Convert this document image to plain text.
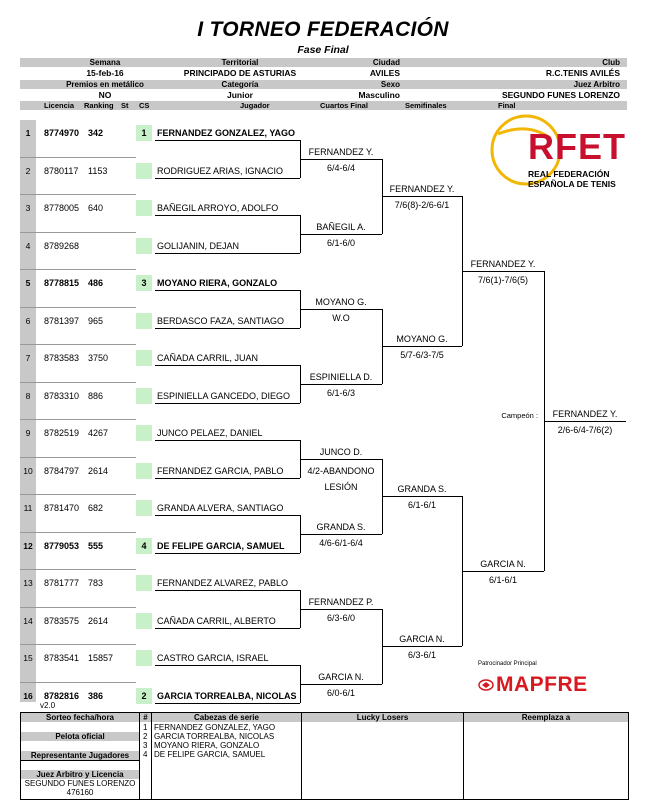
I TORNEO FEDERACIÓN
Fase Final
Semana	Territorial	Ciudad	Club
15-feb-16	PRINCIPADO DE ASTURIAS	AVILES	R.C.TENIS AVILÉS
Premios en metálico	Categoría	Sexo	Juez Arbitro
NO	Junior	Masculino	SEGUNDO FUNES LORENZO
Licencia Ranking St CS	Jugador	Cuartos Final	Semifinales	Final
1	8774970 342	1	FERNANDEZ GONZALEZ, YAGO
2	8780117 1153	RODRIGUEZ ARIAS, IGNACIO
3	8778005 640	BAÑEGIL ARROYO, ADOLFO
4	8789268	GOLIJANIN, DEJAN
5	8778815 486	3	MOYANO RIERA, GONZALO
6	8781397 965	BERDASCO FAZA, SANTIAGO
7	8783583 3750	CAÑADA CARRIL, JUAN
8	8783310 886	ESPINIELLA GANCEDO, DIEGO
9	8782519 4267	JUNCO PELAEZ, DANIEL
10	8784797 2614	FERNANDEZ GARCIA, PABLO
11	8781470 682	GRANDA ALVERA, SANTIAGO
12	8779053 555	4	DE FELIPE GARCIA, SAMUEL
13	8781777 783	FERNANDEZ ALVAREZ, PABLO
14	8783575 2614	CAÑADA CARRIL, ALBERTO
15	8783541 15857	CASTRO GARCIA, ISRAEL
16	8782816 386	2	GARCIA TORREALBA, NICOLAS
FERNANDEZ Y.
6/4-6/4
BAÑEGIL A.
6/1-6/0
MOYANO G.
W.O
ESPINIELLA D.
6/1-6/3
JUNCO D.
4/2-ABANDONO LESIÓN
GRANDA S.
4/6-6/1-6/4
FERNANDEZ P.
6/3-6/0
GARCIA N.
6/0-6/1
FERNANDEZ Y.
7/6(8)-2/6-6/1
MOYANO G.
5/7-6/3-7/5
GRANDA S.
6/1-6/1
GARCIA N.
6/3-6/1
FERNANDEZ Y.
7/6(1)-7/6(5)
GARCIA N.
6/1-6/1
FERNANDEZ Y.
2/6-6/4-7/6(2)
Campeón :
RFET
REAL FEDERACIÓN
ESPAÑOLA DE TENIS
Patrocinador Principal
MAPFRE
v2.0
Sorteo fecha/hora
Pelota oficial
Representante Jugadores
Juez Arbitro y Licencia
SEGUNDO FUNES LORENZO
476160
#	Cabezas de serie	Lucky Losers	Reemplaza a
1 FERNANDEZ GONZALEZ, YAGO
2 GARCIA TORREALBA, NICOLAS
3 MOYANO RIERA, GONZALO
4 DE FELIPE GARCIA, SAMUEL
